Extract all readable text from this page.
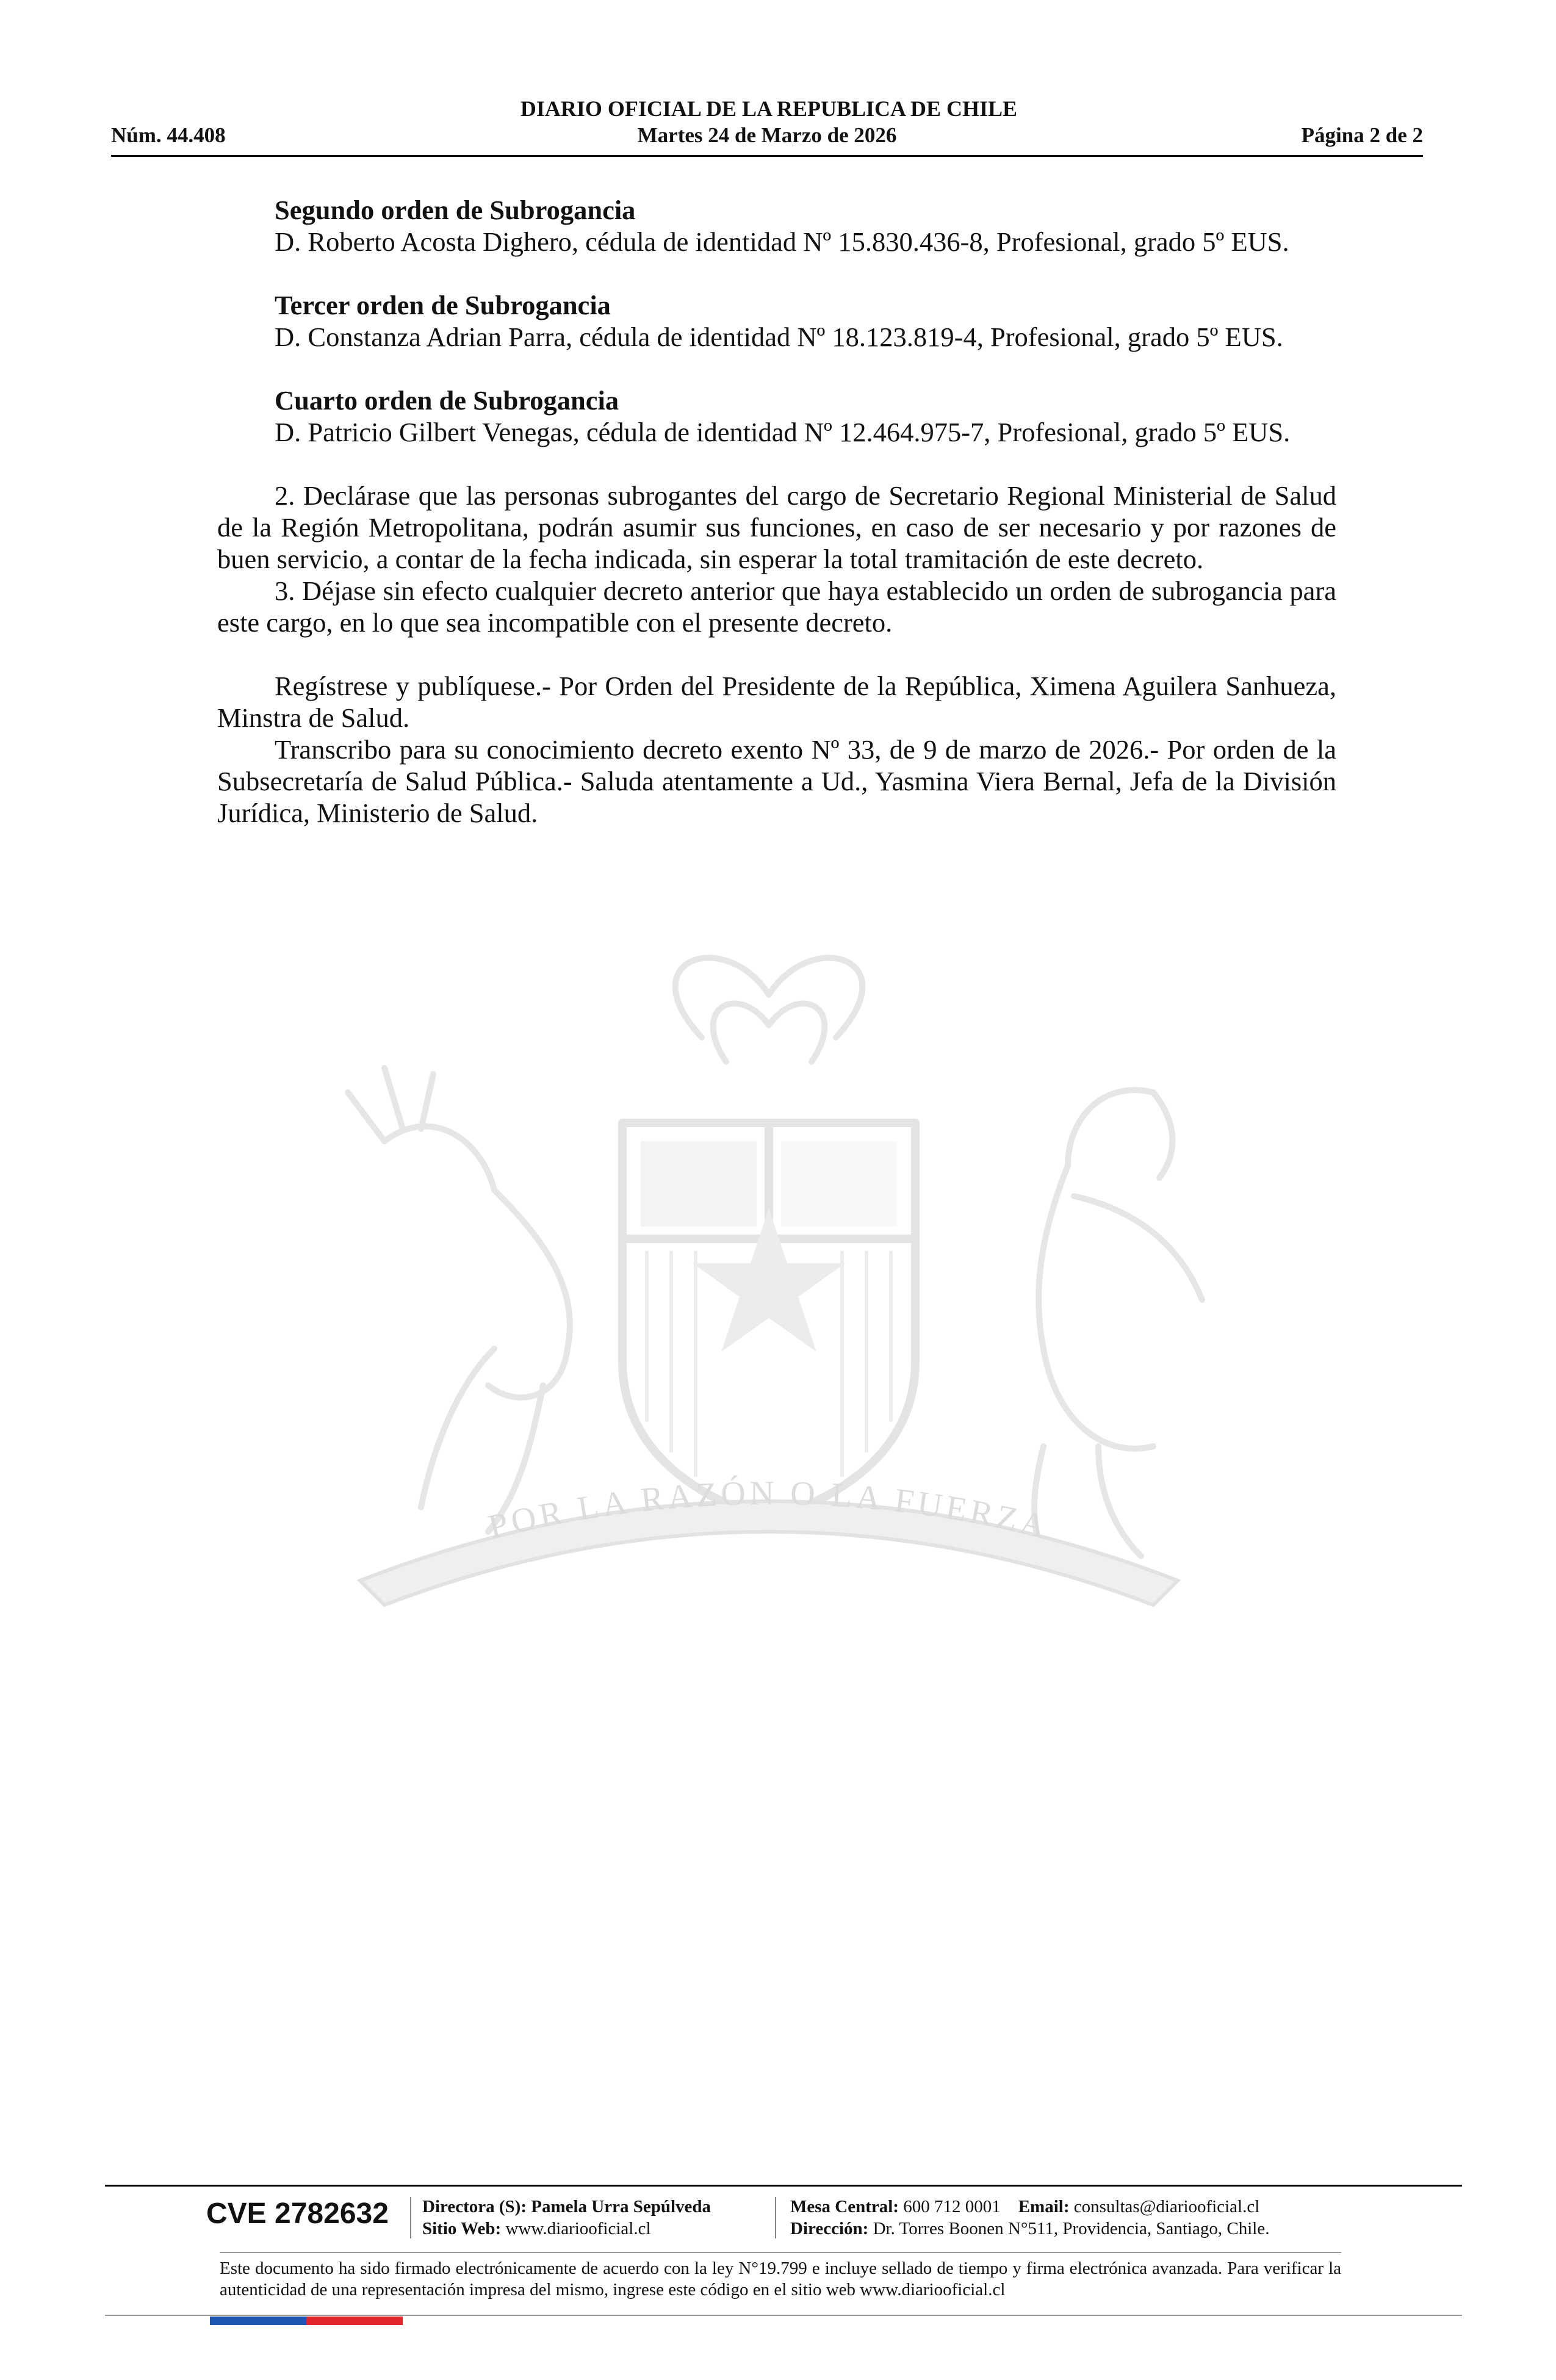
DIARIO OFICIAL DE LA REPUBLICA DE CHILE
Núm. 44.408	Martes 24 de Marzo de 2026	Página 2 de 2
POR LA RAZÓN O LA FUERZA

Segundo orden de Subrogancia

D. Roberto Acosta Dighero, cédula de identidad Nº 15.830.436-8, Profesional, grado 5º EUS.

Tercer orden de Subrogancia

D. Constanza Adrian Parra, cédula de identidad Nº 18.123.819-4, Profesional, grado 5º EUS.

Cuarto orden de Subrogancia

D. Patricio Gilbert Venegas, cédula de identidad Nº 12.464.975-7, Profesional, grado 5º EUS.

2. Declárase que las personas subrogantes del cargo de Secretario Regional Ministerial de Salud de la Región Metropolitana, podrán asumir sus funciones, en caso de ser necesario y por razones de buen servicio, a contar de la fecha indicada, sin esperar la total tramitación de este decreto.

3. Déjase sin efecto cualquier decreto anterior que haya establecido un orden de subrogancia para este cargo, en lo que sea incompatible con el presente decreto.

Regístrese y publíquese.- Por Orden del Presidente de la República, Ximena Aguilera Sanhueza, Minstra de Salud.

Transcribo para su conocimiento decreto exento Nº 33, de 9 de marzo de 2026.- Por orden de la Subsecretaría de Salud Pública.- Saluda atentamente a Ud., Yasmina Viera Bernal, Jefa de la División Jurídica, Ministerio de Salud.

CVE 2782632	Directora (S): Pamela Urra Sepúlveda
Sitio Web: www.diariooficial.cl
Mesa Central: 600 712 0001 Email: consultas@diariooficial.cl
Dirección: Dr. Torres Boonen N°511, Providencia, Santiago, Chile.
Este documento ha sido firmado electrónicamente de acuerdo con la ley N°19.799 e incluye sellado de tiempo y firma electrónica avanzada. Para verificar la autenticidad de una representación impresa del mismo, ingrese este código en el sitio web www.diariooficial.cl
